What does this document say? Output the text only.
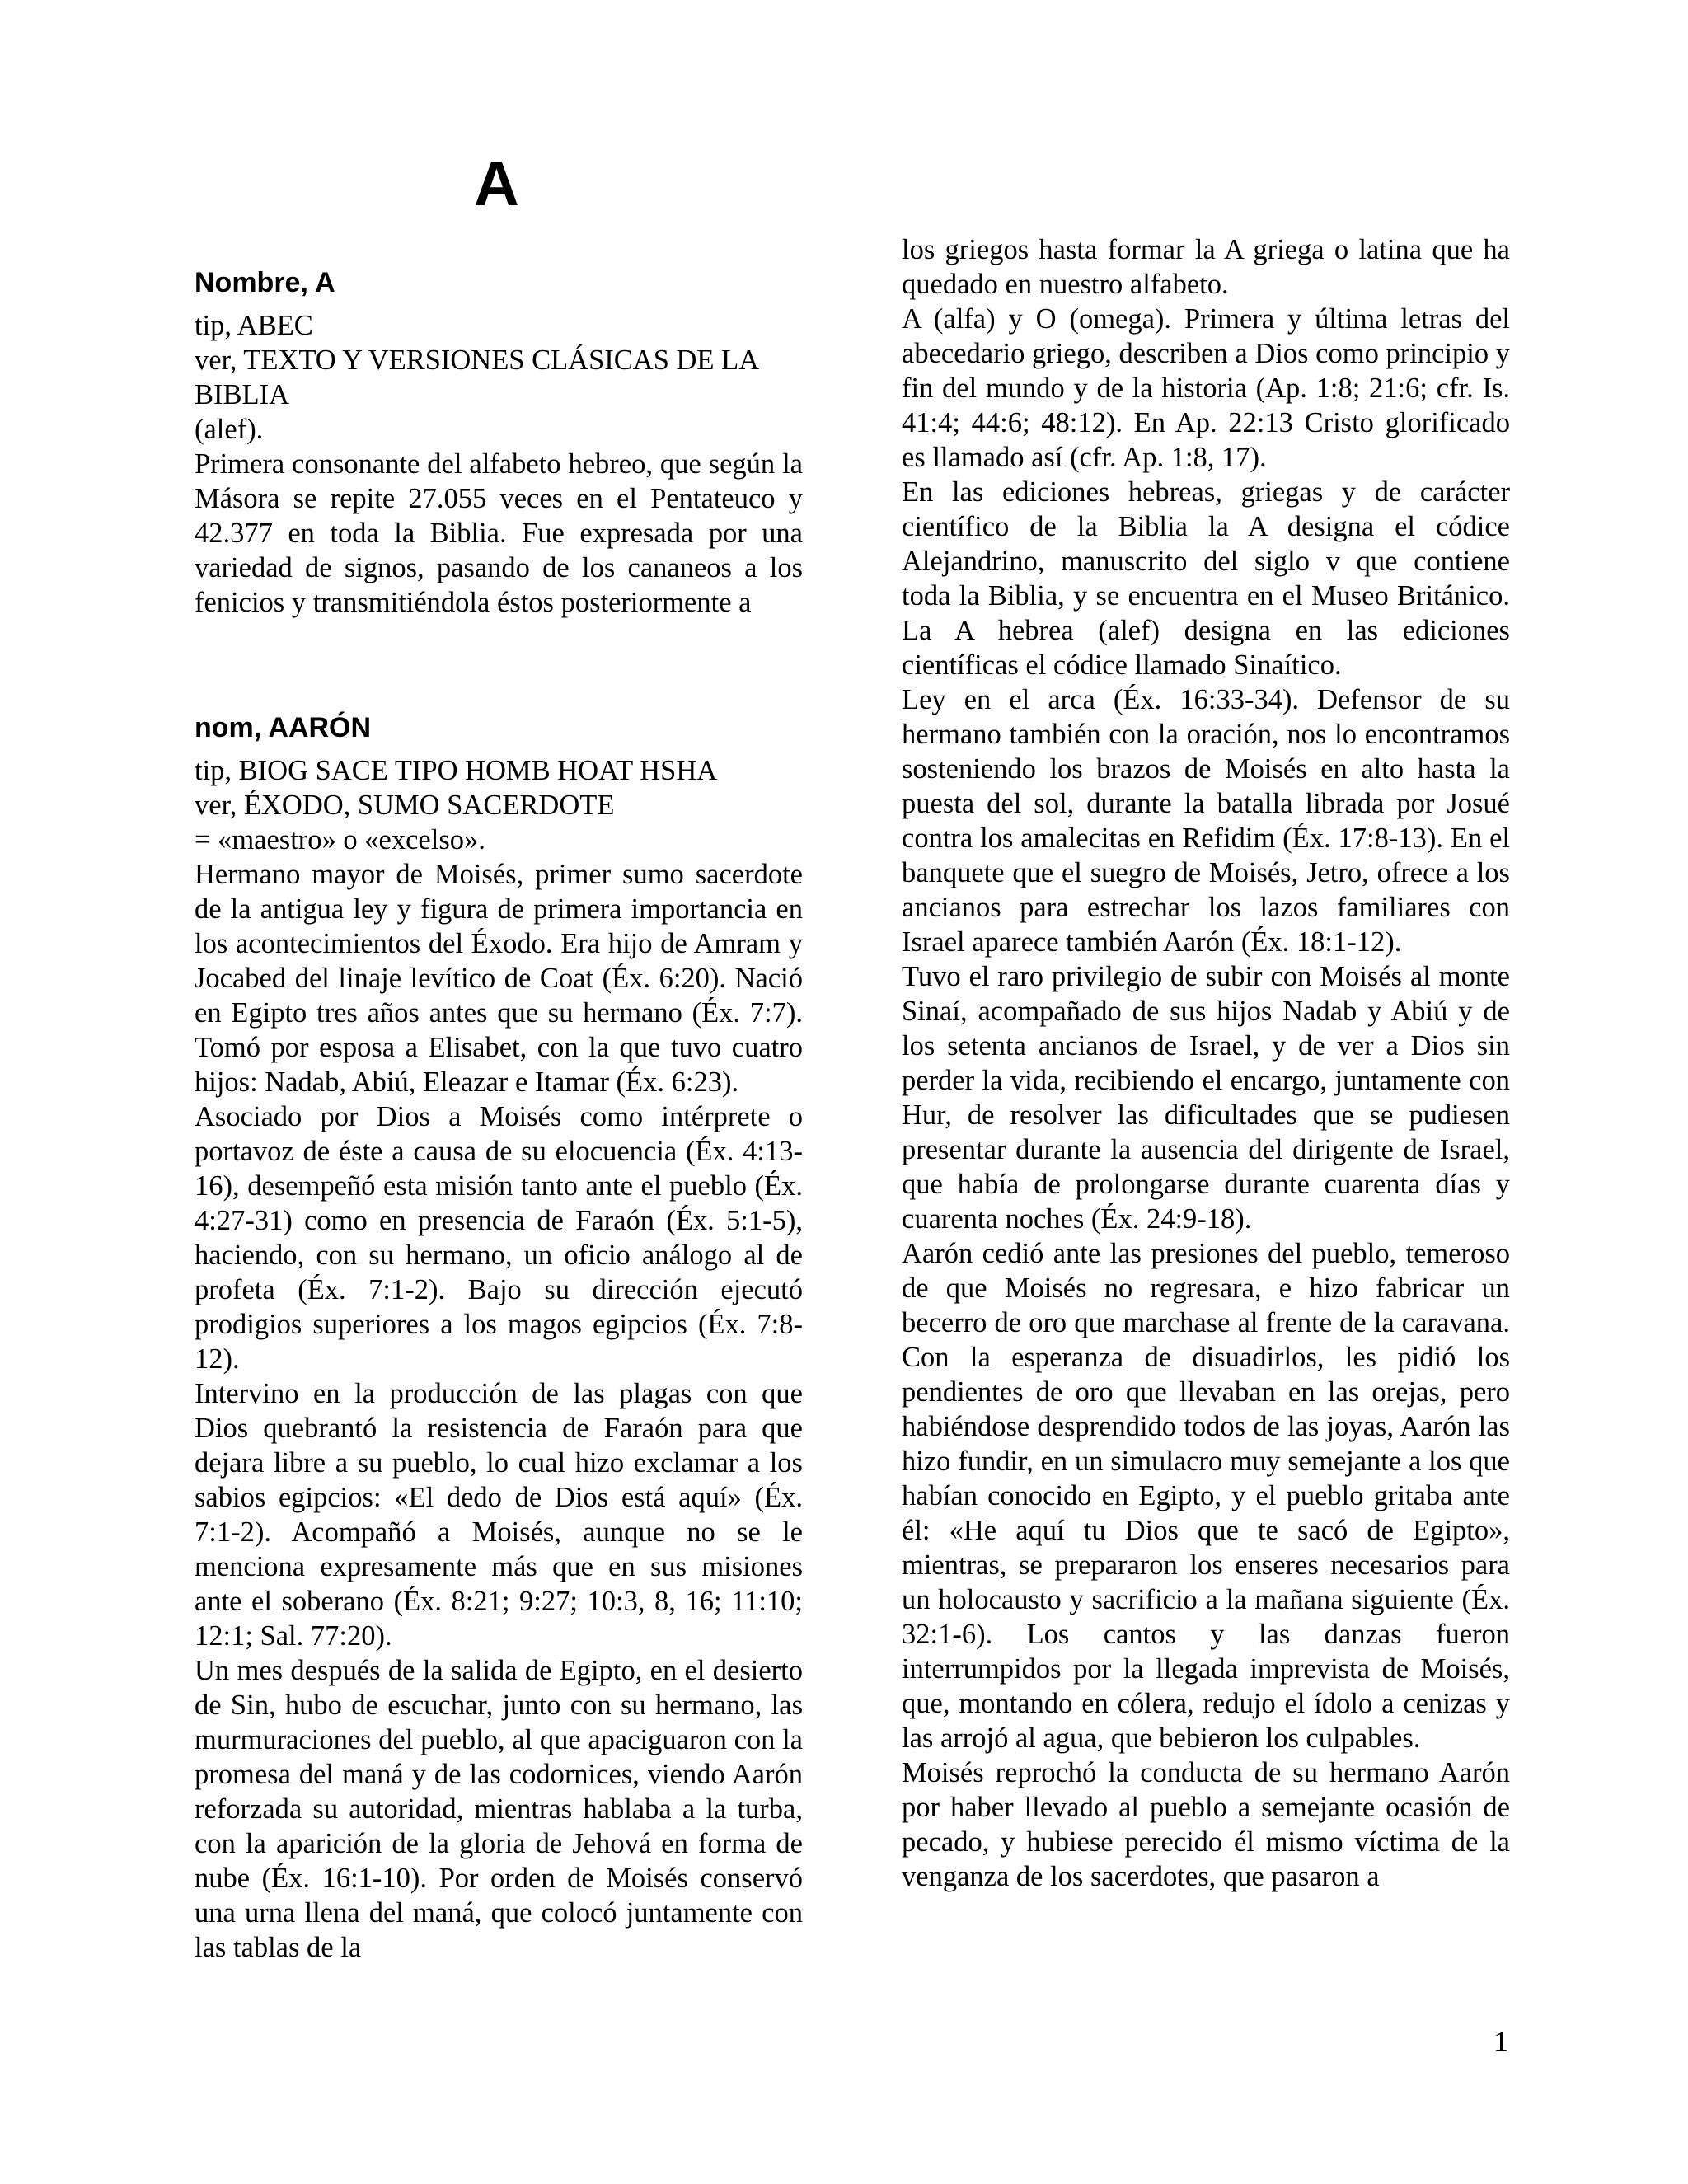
A
Nombre, A

tip, ABEC

ver, TEXTO Y VERSIONES CLÁSICAS DE LA BIBLIA

(alef).

Primera consonante del alfabeto hebreo, que según la Másora se repite 27.055 veces en el Pentateuco y 42.377 en toda la Biblia. Fue expresada por una variedad de signos, pasando de los cananeos a los fenicios y transmitiéndola éstos posteriormente a

nom, AARÓN

tip, BIOG SACE TIPO HOMB HOAT HSHA

ver, ÉXODO, SUMO SACERDOTE

= «maestro» o «excelso».

Hermano mayor de Moisés, primer sumo sacerdote de la antigua ley y figura de primera importancia en los acontecimientos del Éxodo. Era hijo de Amram y Jocabed del linaje levítico de Coat (Éx. 6:20). Nació en Egipto tres años antes que su hermano (Éx. 7:7). Tomó por esposa a Elisabet, con la que tuvo cuatro hijos: Nadab, Abiú, Eleazar e Itamar (Éx. 6:23).

Asociado por Dios a Moisés como intérprete o portavoz de éste a causa de su elocuencia (Éx. 4:13-16), desempeñó esta misión tanto ante el pueblo (Éx. 4:27-31) como en presencia de Faraón (Éx. 5:1-5), haciendo, con su hermano, un oficio análogo al de profeta (Éx. 7:1-2). Bajo su dirección ejecutó prodigios superiores a los magos egipcios (Éx. 7:8-12).

Intervino en la producción de las plagas con que Dios quebrantó la resistencia de Faraón para que dejara libre a su pueblo, lo cual hizo exclamar a los sabios egipcios: «El dedo de Dios está aquí» (Éx. 7:1-2). Acompañó a Moisés, aunque no se le menciona expresamente más que en sus misiones ante el soberano (Éx. 8:21; 9:27; 10:3, 8, 16; 11:10; 12:1; Sal. 77:20).

Un mes después de la salida de Egipto, en el desierto de Sin, hubo de escuchar, junto con su hermano, las murmuraciones del pueblo, al que apaciguaron con la promesa del maná y de las codornices, viendo Aarón reforzada su autoridad, mientras hablaba a la turba, con la aparición de la gloria de Jehová en forma de nube (Éx. 16:1-10). Por orden de Moisés conservó una urna llena del maná, que colocó juntamente con las tablas de la

los griegos hasta formar la A griega o latina que ha quedado en nuestro alfabeto.

A (alfa) y O (omega). Primera y última letras del abecedario griego, describen a Dios como principio y fin del mundo y de la historia (Ap. 1:8; 21:6; cfr. Is. 41:4; 44:6; 48:12). En Ap. 22:13 Cristo glorificado es llamado así (cfr. Ap. 1:8, 17).

En las ediciones hebreas, griegas y de carácter científico de la Biblia la A designa el códice Alejandrino, manuscrito del siglo v que contiene toda la Biblia, y se encuentra en el Museo Británico. La A hebrea (alef) designa en las ediciones científicas el códice llamado Sinaítico.

Ley en el arca (Éx. 16:33-34). Defensor de su hermano también con la oración, nos lo encontramos sosteniendo los brazos de Moisés en alto hasta la puesta del sol, durante la batalla librada por Josué contra los amalecitas en Refidim (Éx. 17:8-13). En el banquete que el suegro de Moisés, Jetro, ofrece a los ancianos para estrechar los lazos familiares con Israel aparece también Aarón (Éx. 18:1-12).

Tuvo el raro privilegio de subir con Moisés al monte Sinaí, acompañado de sus hijos Nadab y Abiú y de los setenta ancianos de Israel, y de ver a Dios sin perder la vida, recibiendo el encargo, juntamente con Hur, de resolver las dificultades que se pudiesen presentar durante la ausencia del dirigente de Israel, que había de prolongarse durante cuarenta días y cuarenta noches (Éx. 24:9-18).

Aarón cedió ante las presiones del pueblo, temeroso de que Moisés no regresara, e hizo fabricar un becerro de oro que marchase al frente de la caravana. Con la esperanza de disuadirlos, les pidió los pendientes de oro que llevaban en las orejas, pero habiéndose desprendido todos de las joyas, Aarón las hizo fundir, en un simulacro muy semejante a los que habían conocido en Egipto, y el pueblo gritaba ante él: «He aquí tu Dios que te sacó de Egipto», mientras, se prepararon los enseres necesarios para un holocausto y sacrificio a la mañana siguiente (Éx. 32:1-6). Los cantos y las danzas fueron interrumpidos por la llegada imprevista de Moisés, que, montando en cólera, redujo el ídolo a cenizas y las arrojó al agua, que bebieron los culpables.

Moisés reprochó la conducta de su hermano Aarón por haber llevado al pueblo a semejante ocasión de pecado, y hubiese perecido él mismo víctima de la venganza de los sacerdotes, que pasaron a

1
